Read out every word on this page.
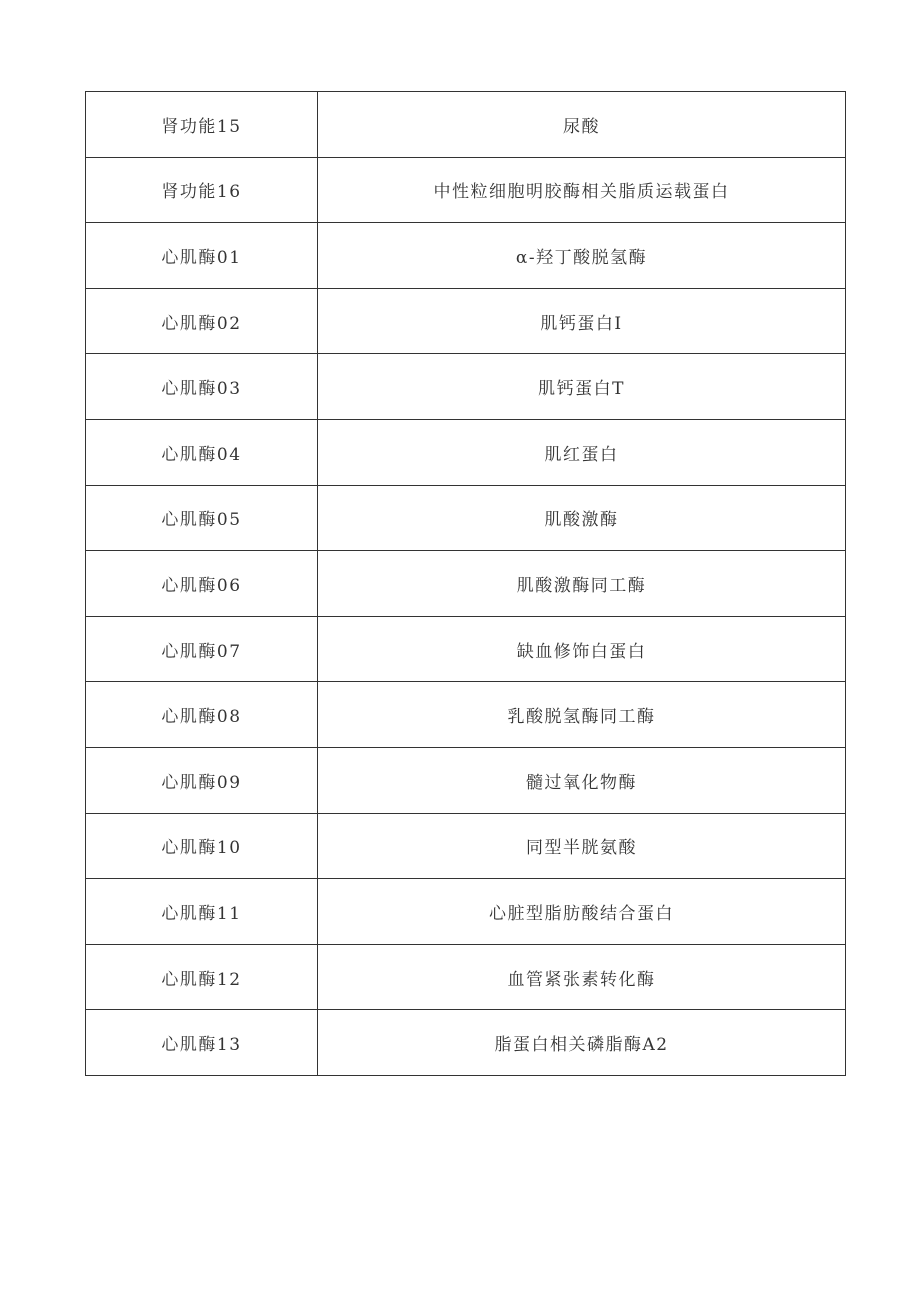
肾功能15	尿酸
肾功能16	中性粒细胞明胶酶相关脂质运载蛋白
心肌酶01	α-羟丁酸脱氢酶
心肌酶02	肌钙蛋白I
心肌酶03	肌钙蛋白T
心肌酶04	肌红蛋白
心肌酶05	肌酸激酶
心肌酶06	肌酸激酶同工酶
心肌酶07	缺血修饰白蛋白
心肌酶08	乳酸脱氢酶同工酶
心肌酶09	髓过氧化物酶
心肌酶10	同型半胱氨酸
心肌酶11	心脏型脂肪酸结合蛋白
心肌酶12	血管紧张素转化酶
心肌酶13	脂蛋白相关磷脂酶A2
